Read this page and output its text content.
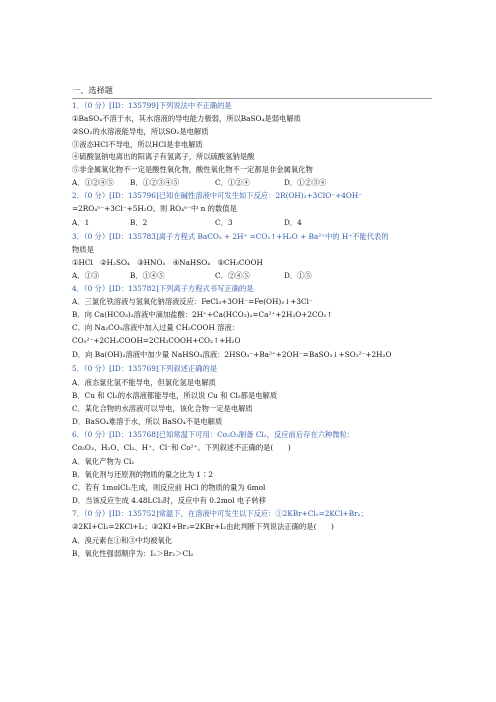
一、选择题
1．（0 分）[ID：135799]下列说法中不正确的是
①BaSO₄不溶于水，其水溶液的导电能力极弱，所以BaSO₄是弱电解质
②SO₂的水溶液能导电，所以SO₂是电解质
③液态HCl不导电，所以HCl是非电解质
④硫酸氢钠电离出的阳离子有氢离子，所以硫酸氢钠是酸
⑤非金属氧化物不一定是酸性氧化物，酸性氧化物不一定都是非金属氧化物
A．①②④⑤ B．①②③④⑤	C．①②④	D．①②③④
2．（0 分）[ID：135796]已知在碱性溶液中可发生如下反应：2R(OH)₃+3ClO⁻+4OH⁻
=2RO₄ⁿ⁻+3Cl⁻+5H₂O。则 RO₄ⁿ⁻中 n 的数值是
A．1	B．2	C．3	D．4
3．（0 分）[ID：135783]离子方程式 BaCO₃ + 2H⁺ =CO₂↑+H₂O + Ba²⁺中的 H⁺不能代表的
物质是
①HCl　②H₂SO₄　③HNO₃　④NaHSO₄　⑤CH₃COOH
A．①③	B．①④⑤	C．②④⑤	D．①⑤
4．（0 分）[ID：135782]下列离子方程式书写正确的是
A．三氯化铁溶液与氢氧化钠溶液反应：FeCl₃+3OH⁻=Fe(OH)₃↓+3Cl⁻
B．向 Ca(HCO₃)₂溶液中滴加盐酸：2H⁺+Ca(HCO₃)₂=Ca²⁺+2H₂O+2CO₂↑
C．向 Na₂CO₃溶液中加入过量 CH₃COOH 溶液：
CO₃²⁻+2CH₃COOH=2CH₃COOH+CO₂↑+H₂O
D．向 Ba(OH)₂溶液中加少量 NaHSO₃溶液：2HSO₃⁻+Ba²⁺+2OH⁻=BaSO₃↓+SO₃²⁻+2H₂O
5．（0 分）[ID：135769]下列叙述正确的是
A．液态氯化氢不能导电，但氯化氢是电解质
B．Cu 和 Cl₂的水溶液都能导电，所以说 Cu 和 Cl₂都是电解质
C．某化合物的水溶液可以导电，该化合物一定是电解质
D．BaSO₄难溶于水，所以 BaSO₄不是电解质
6．（0 分）[ID：135768]已知常温下可用：Co₂O₃制备 Cl₂，反应前后存在六种微粒：
Co₂O₃、H₂O、Cl₂、H⁺、Cl⁻和 Co²⁺。下列叙述不正确的是(　　)
A．氧化产物为 Cl₂
B．氧化剂与还原剂的物质的量之比为 1∶2
C．若有 1molCl₂生成，则反应前 HCl 的物质的量为 6mol
D．当该反应生成 4.48LCl₂时，反应中有 0.2mol 电子转移
7．（0 分）[ID：135752]常温下，在溶液中可发生以下反应：①2KBr+Cl₂=2KCl+Br₂；
②2KI+Cl₂=2KCl+I₂；③2KI+Br₂=2KBr+I₂由此判断下列说法正确的是(　　)
A．溴元素在①和③中均被氧化
B．氧化性强弱顺序为：I₂＞Br₂＞Cl₂
